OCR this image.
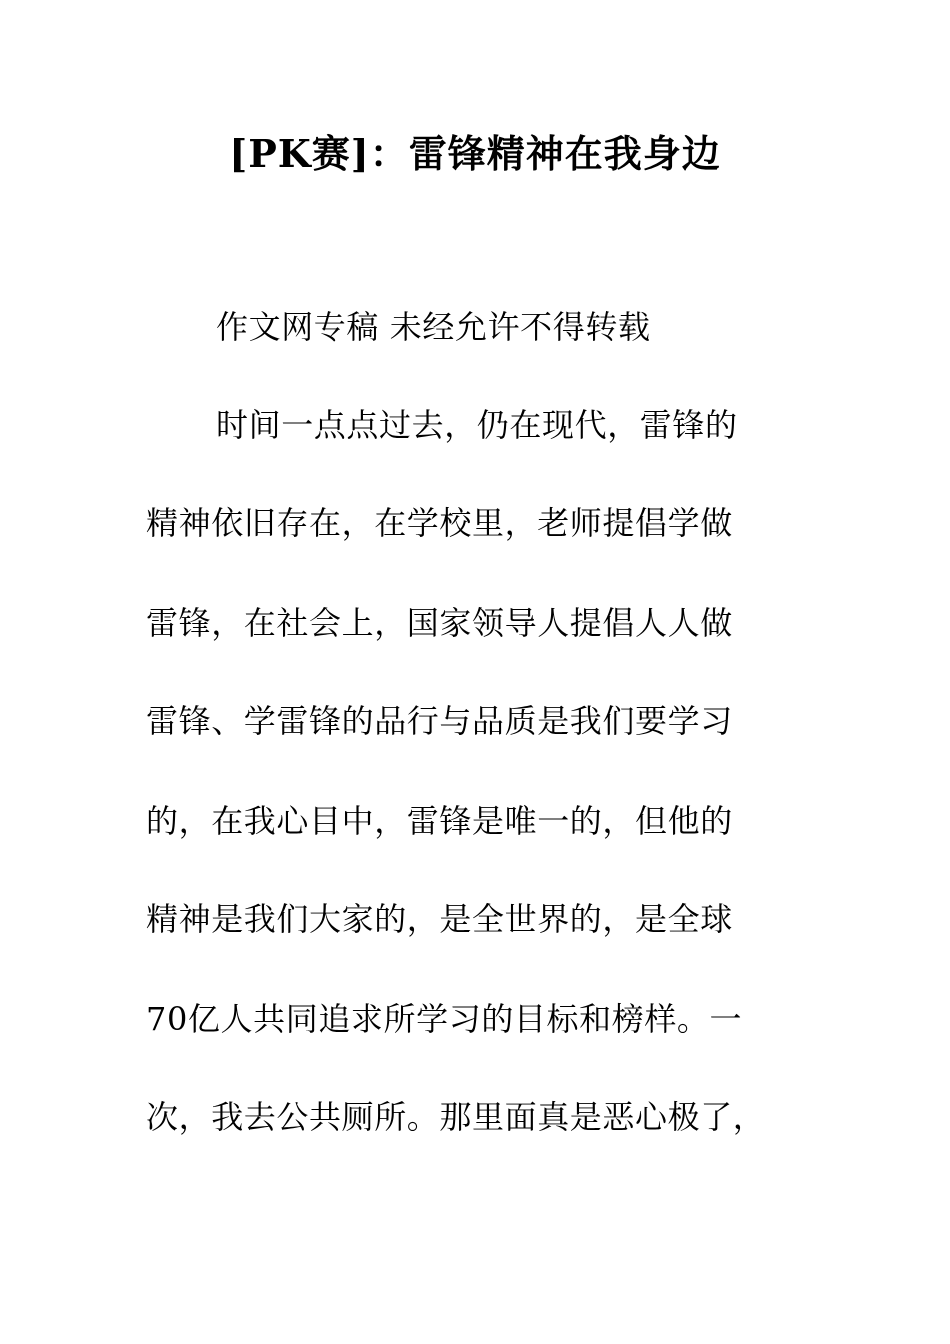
[PK赛]：雷锋精神在我身边
作文网专稿 未经允许不得转载
时间一点点过去，仍在现代，雷锋的
精神依旧存在，在学校里，老师提倡学做
雷锋，在社会上，国家领导人提倡人人做
雷锋、学雷锋的品行与品质是我们要学习
的，在我心目中，雷锋是唯一的，但他的
精神是我们大家的，是全世界的，是全球
70亿人共同追求所学习的目标和榜样。一
次，我去公共厕所。那里面真是恶心极了，
